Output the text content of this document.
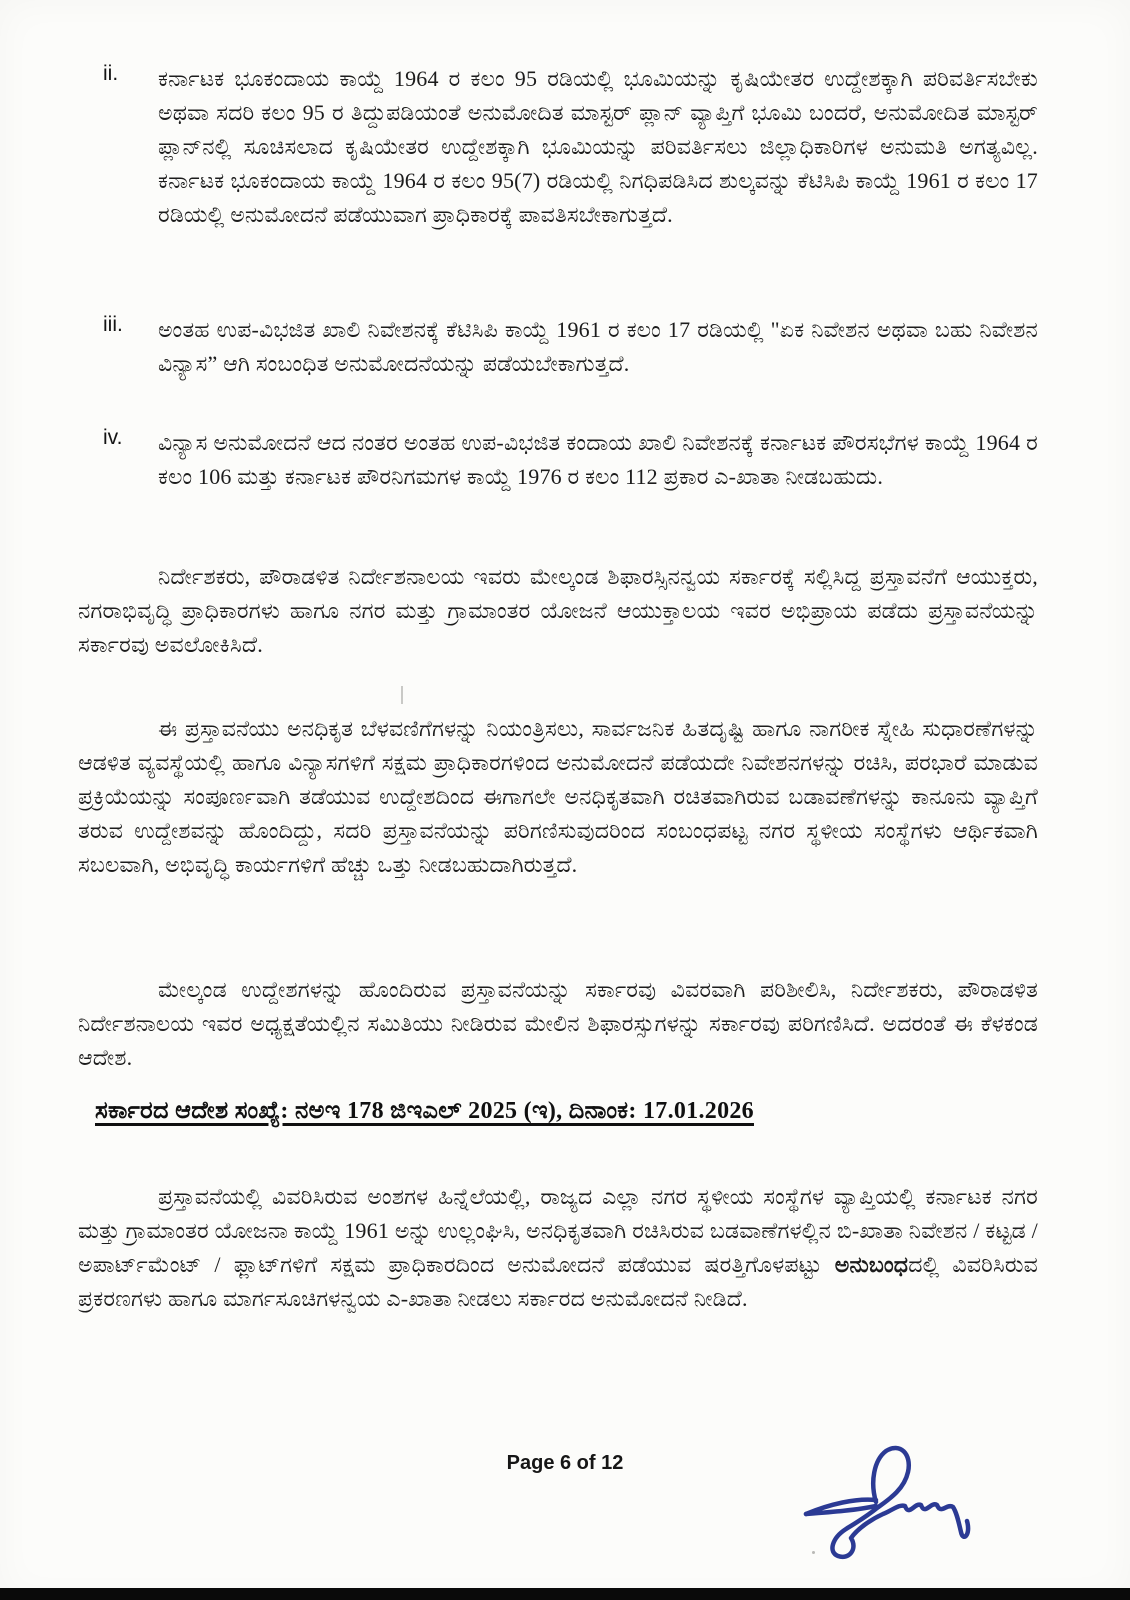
ii. ಕರ್ನಾಟಕ ಭೂಕಂದಾಯ ಕಾಯ್ದೆ 1964 ರ ಕಲಂ 95 ರಡಿಯಲ್ಲಿ ಭೂಮಿಯನ್ನು ಕೃಷಿಯೇತರ ಉದ್ದೇಶಕ್ಕಾಗಿ ಪರಿವರ್ತಿಸಬೇಕು ಅಥವಾ ಸದರಿ ಕಲಂ 95 ರ ತಿದ್ದುಪಡಿಯಂತೆ ಅನುಮೋದಿತ ಮಾಸ್ಟರ್ ಪ್ಲಾನ್ ವ್ಯಾಪ್ತಿಗೆ ಭೂಮಿ ಬಂದರೆ, ಅನುಮೋದಿತ ಮಾಸ್ಟರ್ ಪ್ಲಾನ್‌ನಲ್ಲಿ ಸೂಚಿಸಲಾದ ಕೃಷಿಯೇತರ ಉದ್ದೇಶಕ್ಕಾಗಿ ಭೂಮಿಯನ್ನು ಪರಿವರ್ತಿಸಲು ಜಿಲ್ಲಾಧಿಕಾರಿಗಳ ಅನುಮತಿ ಅಗತ್ಯವಿಲ್ಲ. ಕರ್ನಾಟಕ ಭೂಕಂದಾಯ ಕಾಯ್ದೆ 1964 ರ ಕಲಂ 95(7) ರಡಿಯಲ್ಲಿ ನಿಗಧಿಪಡಿಸಿದ ಶುಲ್ಕವನ್ನು ಕೆಟಿಸಿಪಿ ಕಾಯ್ದೆ 1961 ರ ಕಲಂ 17 ರಡಿಯಲ್ಲಿ ಅನುಮೋದನೆ ಪಡೆಯುವಾಗ ಪ್ರಾಧಿಕಾರಕ್ಕೆ ಪಾವತಿಸಬೇಕಾಗುತ್ತದೆ.
iii. ಅಂತಹ ಉಪ-ವಿಭಜಿತ ಖಾಲಿ ನಿವೇಶನಕ್ಕೆ ಕೆಟಿಸಿಪಿ ಕಾಯ್ದೆ 1961 ರ ಕಲಂ 17 ರಡಿಯಲ್ಲಿ "ಏಕ ನಿವೇಶನ ಅಥವಾ ಬಹು ನಿವೇಶನ ವಿನ್ಯಾಸ” ಆಗಿ ಸಂಬಂಧಿತ ಅನುಮೋದನೆಯನ್ನು ಪಡೆಯಬೇಕಾಗುತ್ತದೆ.
iv. ವಿನ್ಯಾಸ ಅನುಮೋದನೆ ಆದ ನಂತರ ಅಂತಹ ಉಪ-ವಿಭಜಿತ ಕಂದಾಯ ಖಾಲಿ ನಿವೇಶನಕ್ಕೆ ಕರ್ನಾಟಕ ಪೌರಸಭೆಗಳ ಕಾಯ್ದೆ 1964 ರ ಕಲಂ 106 ಮತ್ತು ಕರ್ನಾಟಕ ಪೌರನಿಗಮಗಳ ಕಾಯ್ದೆ 1976 ರ ಕಲಂ 112 ಪ್ರಕಾರ ಎ-ಖಾತಾ ನೀಡಬಹುದು.
ನಿರ್ದೇಶಕರು, ಪೌರಾಡಳಿತ ನಿರ್ದೇಶನಾಲಯ ಇವರು ಮೇಲ್ಕಂಡ ಶಿಫಾರಸ್ಸಿನನ್ವಯ ಸರ್ಕಾರಕ್ಕೆ ಸಲ್ಲಿಸಿದ್ದ ಪ್ರಸ್ತಾವನೆಗೆ ಆಯುಕ್ತರು, ನಗರಾಭಿವೃದ್ಧಿ ಪ್ರಾಧಿಕಾರಗಳು ಹಾಗೂ ನಗರ ಮತ್ತು ಗ್ರಾಮಾಂತರ ಯೋಜನೆ ಆಯುಕ್ತಾಲಯ ಇವರ ಅಭಿಪ್ರಾಯ ಪಡೆದು ಪ್ರಸ್ತಾವನೆಯನ್ನು ಸರ್ಕಾರವು ಅವಲೋಕಿಸಿದೆ.
ಈ ಪ್ರಸ್ತಾವನೆಯು ಅನಧಿಕೃತ ಬೆಳವಣಿಗೆಗಳನ್ನು ನಿಯಂತ್ರಿಸಲು, ಸಾರ್ವಜನಿಕ ಹಿತದೃಷ್ಟಿ ಹಾಗೂ ನಾಗರೀಕ ಸ್ನೇಹಿ ಸುಧಾರಣೆಗಳನ್ನು ಆಡಳಿತ ವ್ಯವಸ್ಥೆಯಲ್ಲಿ ಹಾಗೂ ವಿನ್ಯಾಸಗಳಿಗೆ ಸಕ್ಷಮ ಪ್ರಾಧಿಕಾರಗಳಿಂದ ಅನುಮೋದನೆ ಪಡೆಯದೇ ನಿವೇಶನಗಳನ್ನು ರಚಿಸಿ, ಪರಭಾರೆ ಮಾಡುವ ಪ್ರಕ್ರಿಯೆಯನ್ನು ಸಂಪೂರ್ಣವಾಗಿ ತಡೆಯುವ ಉದ್ದೇಶದಿಂದ ಈಗಾಗಲೇ ಅನಧಿಕೃತವಾಗಿ ರಚಿತವಾಗಿರುವ ಬಡಾವಣೆಗಳನ್ನು ಕಾನೂನು ವ್ಯಾಪ್ತಿಗೆ ತರುವ ಉದ್ದೇಶವನ್ನು ಹೊಂದಿದ್ದು, ಸದರಿ ಪ್ರಸ್ತಾವನೆಯನ್ನು ಪರಿಗಣಿಸುವುದರಿಂದ ಸಂಬಂಧಪಟ್ಟ ನಗರ ಸ್ಥಳೀಯ ಸಂಸ್ಥೆಗಳು ಆರ್ಥಿಕವಾಗಿ ಸಬಲವಾಗಿ, ಅಭಿವೃದ್ಧಿ ಕಾರ್ಯಗಳಿಗೆ ಹೆಚ್ಚು ಒತ್ತು ನೀಡಬಹುದಾಗಿರುತ್ತದೆ.
ಮೇಲ್ಕಂಡ ಉದ್ದೇಶಗಳನ್ನು ಹೊಂದಿರುವ ಪ್ರಸ್ತಾವನೆಯನ್ನು ಸರ್ಕಾರವು ವಿವರವಾಗಿ ಪರಿಶೀಲಿಸಿ, ನಿರ್ದೇಶಕರು, ಪೌರಾಡಳಿತ ನಿರ್ದೇಶನಾಲಯ ಇವರ ಅಧ್ಯಕ್ಷತೆಯಲ್ಲಿನ ಸಮಿತಿಯು ನೀಡಿರುವ ಮೇಲಿನ ಶಿಫಾರಸ್ಸುಗಳನ್ನು ಸರ್ಕಾರವು ಪರಿಗಣಿಸಿದೆ. ಅದರಂತೆ ಈ ಕೆಳಕಂಡ ಆದೇಶ.
ಸರ್ಕಾರದ ಆದೇಶ ಸಂಖ್ಯೆ: ನಅಇ 178 ಜಿಇಎಲ್ 2025 (ಇ), ದಿನಾಂಕ: 17.01.2026
ಪ್ರಸ್ತಾವನೆಯಲ್ಲಿ ವಿವರಿಸಿರುವ ಅಂಶಗಳ ಹಿನ್ನೆಲೆಯಲ್ಲಿ, ರಾಜ್ಯದ ಎಲ್ಲಾ ನಗರ ಸ್ಥಳೀಯ ಸಂಸ್ಥೆಗಳ ವ್ಯಾಪ್ತಿಯಲ್ಲಿ ಕರ್ನಾಟಕ ನಗರ ಮತ್ತು ಗ್ರಾಮಾಂತರ ಯೋಜನಾ ಕಾಯ್ದೆ 1961 ಅನ್ನು ಉಲ್ಲಂಘಿಸಿ, ಅನಧಿಕೃತವಾಗಿ ರಚಿಸಿರುವ ಬಡವಾಣೆಗಳಲ್ಲಿನ ಬಿ-ಖಾತಾ ನಿವೇಶನ / ಕಟ್ಟಡ / ಅಪಾರ್ಟ್‌ಮೆಂಟ್ / ಫ್ಲಾಟ್‌ಗಳಿಗೆ ಸಕ್ಷಮ ಪ್ರಾಧಿಕಾರದಿಂದ ಅನುಮೋದನೆ ಪಡೆಯುವ ಷರತ್ತಿಗೊಳಪಟ್ಟು ಅನುಬಂಧದಲ್ಲಿ ವಿವರಿಸಿರುವ ಪ್ರಕರಣಗಳು ಹಾಗೂ ಮಾರ್ಗಸೂಚಿಗಳನ್ವಯ ಎ-ಖಾತಾ ನೀಡಲು ಸರ್ಕಾರದ ಅನುಮೋದನೆ ನೀಡಿದೆ.
Page 6 of 12
